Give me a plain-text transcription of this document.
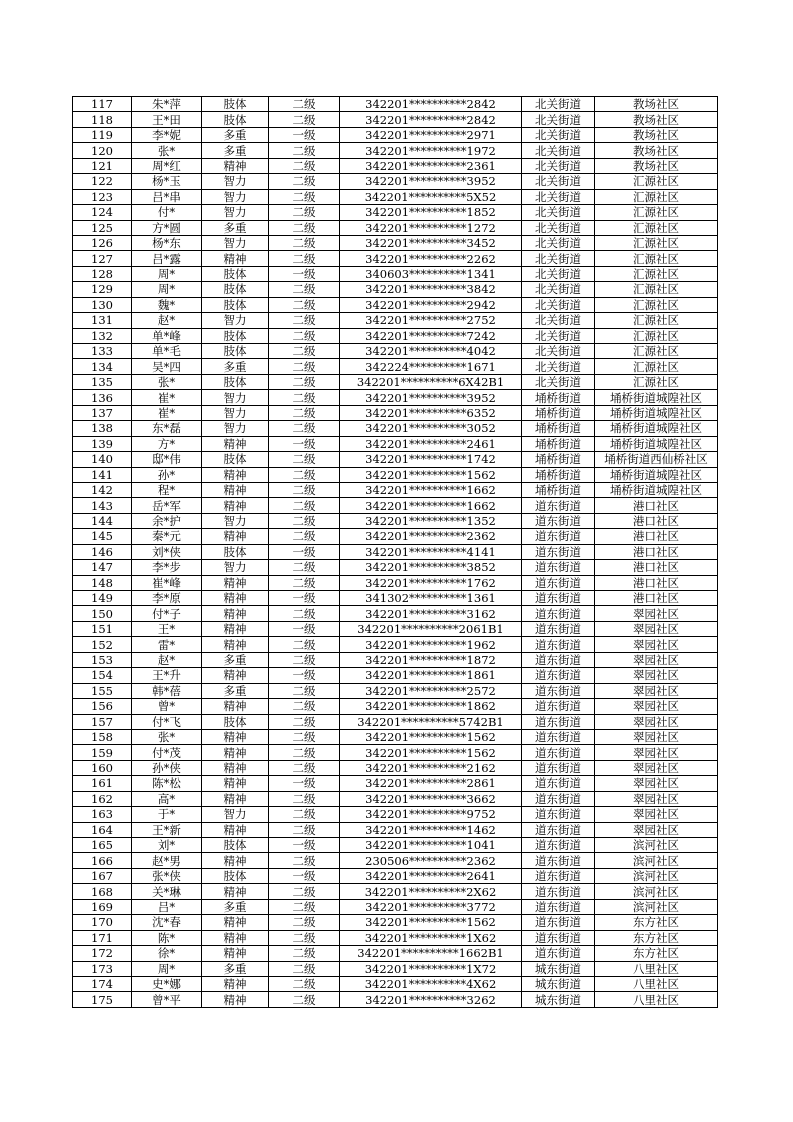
117	朱*萍	肢体	二级	342201**********2842	北关街道	教场社区
118	王*田	肢体	二级	342201**********2842	北关街道	教场社区
119	李*妮	多重	一级	342201**********2971	北关街道	教场社区
120	张*	多重	二级	342201**********1972	北关街道	教场社区
121	周*红	精神	二级	342201**********2361	北关街道	教场社区
122	杨*玉	智力	二级	342201**********3952	北关街道	汇源社区
123	吕*串	智力	二级	342201**********5X52	北关街道	汇源社区
124	付*	智力	二级	342201**********1852	北关街道	汇源社区
125	方*圆	多重	二级	342201**********1272	北关街道	汇源社区
126	杨*东	智力	二级	342201**********3452	北关街道	汇源社区
127	吕*露	精神	二级	342201**********2262	北关街道	汇源社区
128	周*	肢体	一级	340603**********1341	北关街道	汇源社区
129	周*	肢体	二级	342201**********3842	北关街道	汇源社区
130	魏*	肢体	二级	342201**********2942	北关街道	汇源社区
131	赵*	智力	二级	342201**********2752	北关街道	汇源社区
132	单*峰	肢体	二级	342201**********7242	北关街道	汇源社区
133	单*毛	肢体	二级	342201**********4042	北关街道	汇源社区
134	吴*四	多重	二级	342224**********1671	北关街道	汇源社区
135	张*	肢体	二级	342201**********6X42B1	北关街道	汇源社区
136	崔*	智力	二级	342201**********3952	埇桥街道	埇桥街道城隍社区
137	崔*	智力	二级	342201**********6352	埇桥街道	埇桥街道城隍社区
138	东*磊	智力	二级	342201**********3052	埇桥街道	埇桥街道城隍社区
139	方*	精神	一级	342201**********2461	埇桥街道	埇桥街道城隍社区
140	邸*伟	肢体	二级	342201**********1742	埇桥街道	埇桥街道西仙桥社区
141	孙*	精神	二级	342201**********1562	埇桥街道	埇桥街道城隍社区
142	程*	精神	二级	342201**********1662	埇桥街道	埇桥街道城隍社区
143	岳*军	精神	二级	342201**********1662	道东街道	港口社区
144	余*护	智力	二级	342201**********1352	道东街道	港口社区
145	秦*元	精神	二级	342201**********2362	道东街道	港口社区
146	刘*侠	肢体	一级	342201**********4141	道东街道	港口社区
147	李*步	智力	二级	342201**********3852	道东街道	港口社区
148	崔*峰	精神	二级	342201**********1762	道东街道	港口社区
149	李*原	精神	一级	341302**********1361	道东街道	港口社区
150	付*子	精神	二级	342201**********3162	道东街道	翠园社区
151	王*	精神	一级	342201**********2061B1	道东街道	翠园社区
152	雷*	精神	二级	342201**********1962	道东街道	翠园社区
153	赵*	多重	二级	342201**********1872	道东街道	翠园社区
154	王*升	精神	一级	342201**********1861	道东街道	翠园社区
155	韩*蓓	多重	二级	342201**********2572	道东街道	翠园社区
156	曾*	精神	二级	342201**********1862	道东街道	翠园社区
157	付*飞	肢体	二级	342201**********5742B1	道东街道	翠园社区
158	张*	精神	二级	342201**********1562	道东街道	翠园社区
159	付*茂	精神	二级	342201**********1562	道东街道	翠园社区
160	孙*侠	精神	二级	342201**********2162	道东街道	翠园社区
161	陈*松	精神	一级	342201**********2861	道东街道	翠园社区
162	高*	精神	二级	342201**********3662	道东街道	翠园社区
163	于*	智力	二级	342201**********9752	道东街道	翠园社区
164	王*新	精神	二级	342201**********1462	道东街道	翠园社区
165	刘*	肢体	一级	342201**********1041	道东街道	滨河社区
166	赵*男	精神	二级	230506**********2362	道东街道	滨河社区
167	张*侠	肢体	一级	342201**********2641	道东街道	滨河社区
168	关*琳	精神	二级	342201**********2X62	道东街道	滨河社区
169	吕*	多重	二级	342201**********3772	道东街道	滨河社区
170	沈*春	精神	二级	342201**********1562	道东街道	东方社区
171	陈*	精神	二级	342201**********1X62	道东街道	东方社区
172	徐*	精神	二级	342201**********1662B1	道东街道	东方社区
173	周*	多重	二级	342201**********1X72	城东街道	八里社区
174	史*娜	精神	二级	342201**********4X62	城东街道	八里社区
175	曾*平	精神	二级	342201**********3262	城东街道	八里社区
